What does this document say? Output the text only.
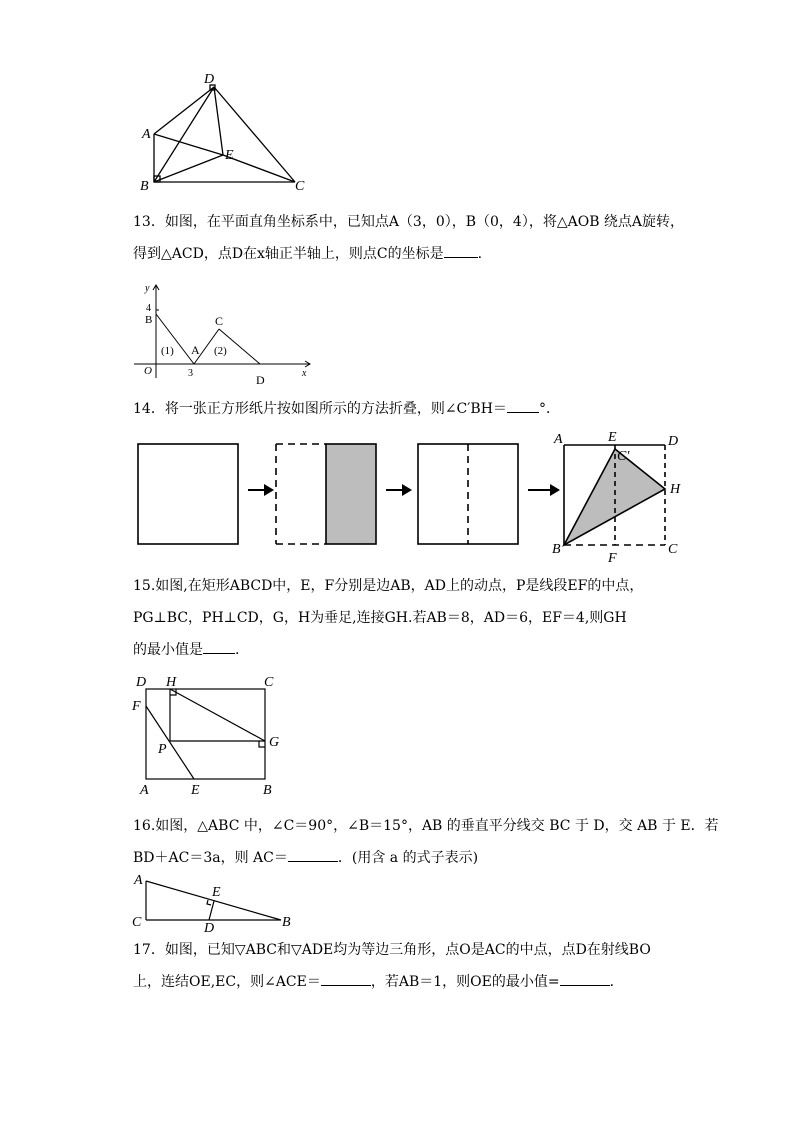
A
B	C
D
E
13．如图，在平面直角坐标系中，已知点A（3，0），B（0，4），将△AOB 绕点A旋转，
得到△ACD，点D在x轴正半轴上，则点C的坐标是 .
y
x
O
4
B
3
A
C
D
(1)	(2)
14．将一张正方形纸片按如图所示的方法折叠，则∠C′BH＝ °．
A	E	D
C′
H
B
F
C
15.如图,在矩形ABCD中，E，F分别是边AB，AD上的动点，P是线段EF的中点，
PG⊥BC，PH⊥CD，G，H为垂足,连接GH.若AB＝8，AD＝6，EF＝4,则GH
的最小值是 .
D H	C
F
P	G
A	E	B
16.如图，△ABC 中，∠C＝90°，∠B＝15°，AB 的垂直平分线交 BC 于 D，交 AB 于 E．若
BD＋AC＝3a，则 AC＝	．(用含 a 的式子表示)
A
C	B
E
D
17．如图，已知▽ABC和▽ADE均为等边三角形，点O是AC的中点，点D在射线BO
上，连结OE,EC，则∠ACE＝	，若AB＝1，则OE的最小值=	．
